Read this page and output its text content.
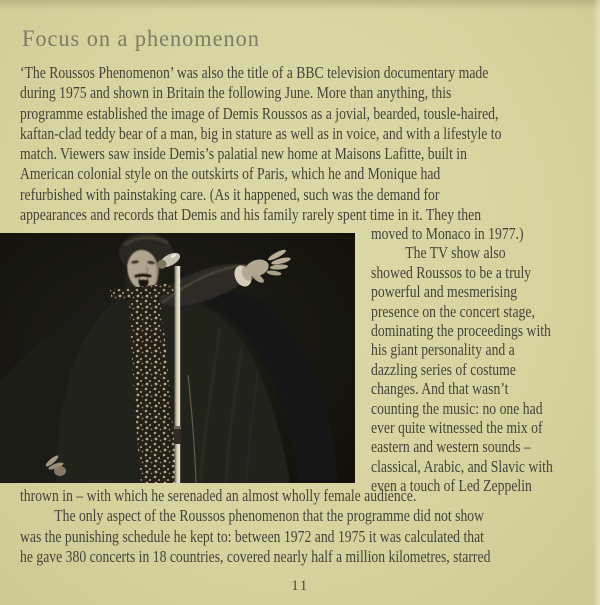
Focus on a phenomenon
‘The Roussos Phenomenon’ was also the title of a BBC television documentary made
during 1975 and shown in Britain the following June. More than anything, this
programme established the image of Demis Roussos as a jovial, bearded, tousle-haired,
kaftan-clad teddy bear of a man, big in stature as well as in voice, and with a lifestyle to
match. Viewers saw inside Demis’s palatial new home at Maisons Lafitte, built in
American colonial style on the outskirts of Paris, which he and Monique had
refurbished with painstaking care. (As it happened, such was the demand for
appearances and records that Demis and his family rarely spent time in it. They then
moved to Monaco in 1977.)
   The TV show also
showed Roussos to be a truly
powerful and mesmerising
presence on the concert stage,
dominating the proceedings with
his giant personality and a
dazzling series of costume
changes. And that wasn’t
counting the music: no one had
ever quite witnessed the mix of
eastern and western sounds –
classical, Arabic, and Slavic with
even a touch of Led Zeppelin
thrown in – with which he serenaded an almost wholly female audience.
   The only aspect of the Roussos phenomenon that the programme did not show
was the punishing schedule he kept to: between 1972 and 1975 it was calculated that
he gave 380 concerts in 18 countries, covered nearly half a million kilometres, starred
11
